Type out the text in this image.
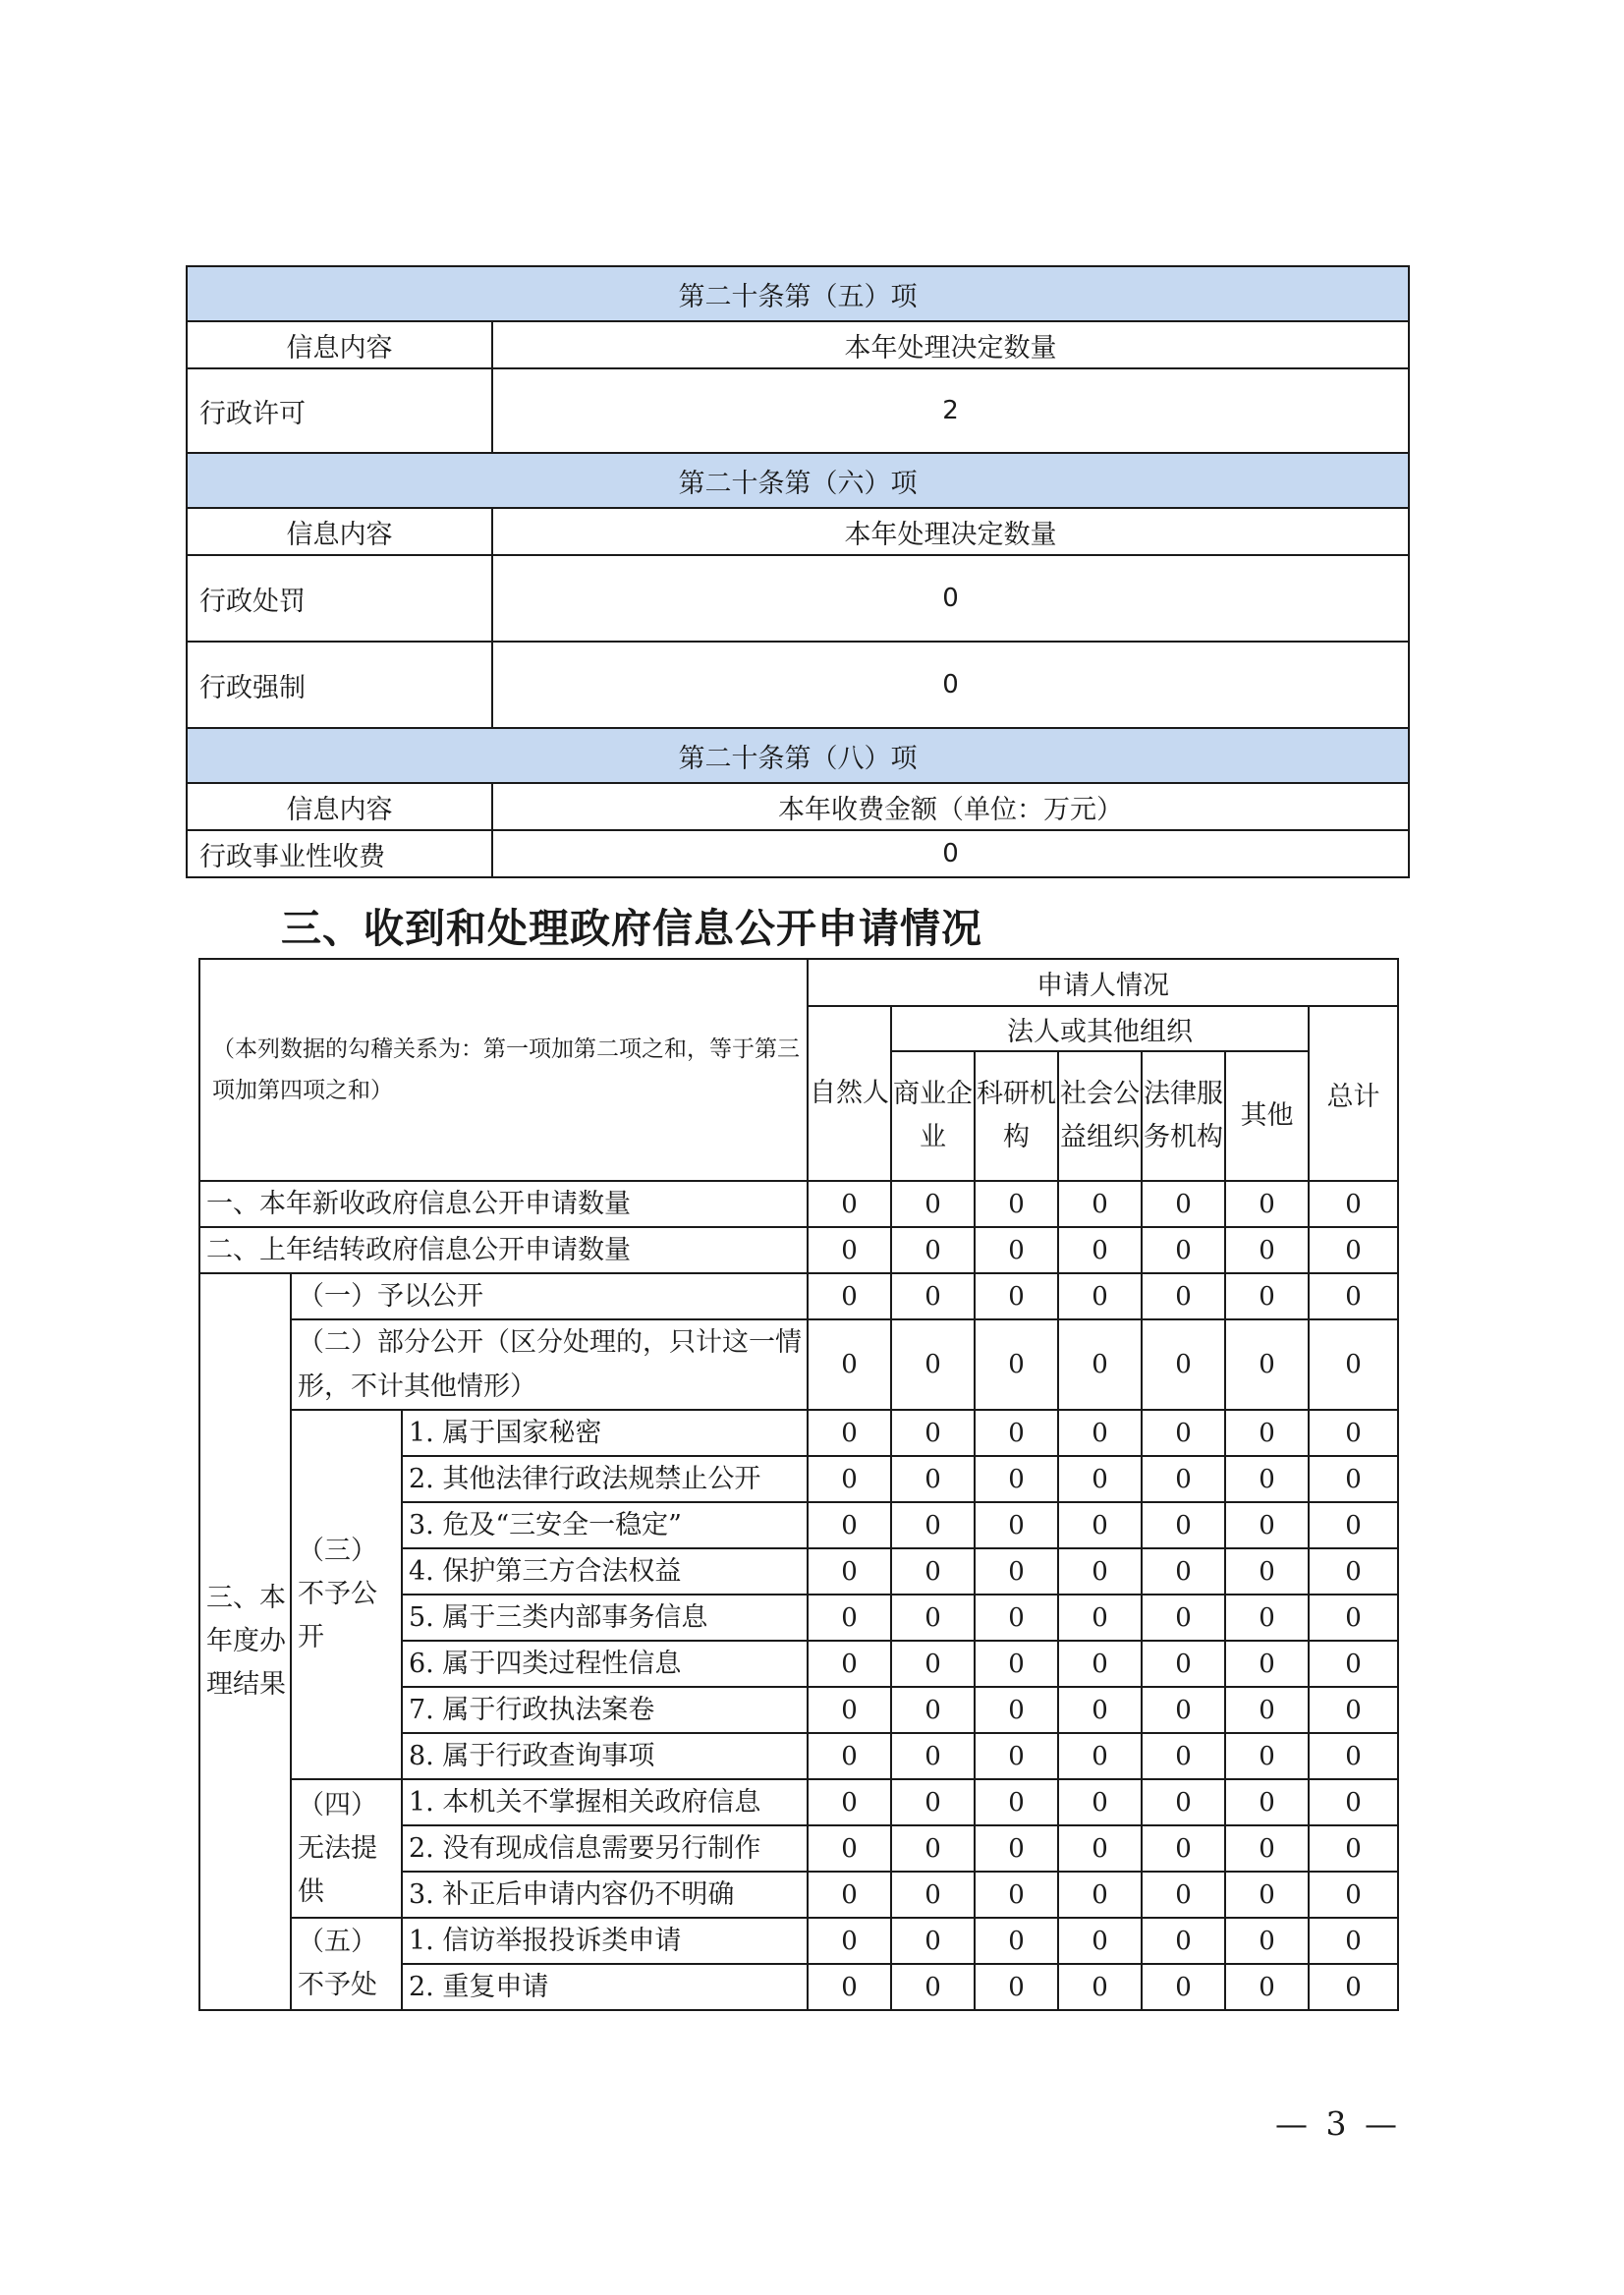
第二十条第（五）项	
信息内容	本年处理决定数量
行政许可	2
第二十条第（六）项	
信息内容	本年处理决定数量
行政处罚	0
行政强制	0
第二十条第（八）项	
信息内容	本年收费金额（单位：万元）
行政事业性收费	0
三、收到和处理政府信息公开申请情况
（本列数据的勾稽关系为：第一项加第二项之和，等于第三项加第四项之和）			申请人情况						
			自然人	法人或其他组织					总计
				商业企业	科研机构	社会公益组织	法律服务机构	其他	
一、本年新收政府信息公开申请数量			0	0	0	0	0	0	0
二、上年结转政府信息公开申请数量			0	0	0	0	0	0	0
三、本年度办理结果	（一）予以公开		0	0	0	0	0	0	0
	（二）部分公开（区分处理的，只计这一情形，不计其他情形）		0	0	0	0	0	0	0
	（三）不予公开	1. 属于国家秘密	0	0	0	0	0	0	0
		2. 其他法律行政法规禁止公开	0	0	0	0	0	0	0
		3. 危及“三安全一稳定”	0	0	0	0	0	0	0
		4. 保护第三方合法权益	0	0	0	0	0	0	0
		5. 属于三类内部事务信息	0	0	0	0	0	0	0
		6. 属于四类过程性信息	0	0	0	0	0	0	0
		7. 属于行政执法案卷	0	0	0	0	0	0	0
		8. 属于行政查询事项	0	0	0	0	0	0	0
	（四）无法提供	1. 本机关不掌握相关政府信息	0	0	0	0	0	0	0
		2. 没有现成信息需要另行制作	0	0	0	0	0	0	0
		3. 补正后申请内容仍不明确	0	0	0	0	0	0	0
	（五）不予处	1. 信访举报投诉类申请	0	0	0	0	0	0	0
		2. 重复申请	0	0	0	0	0	0	0
— 3 —
